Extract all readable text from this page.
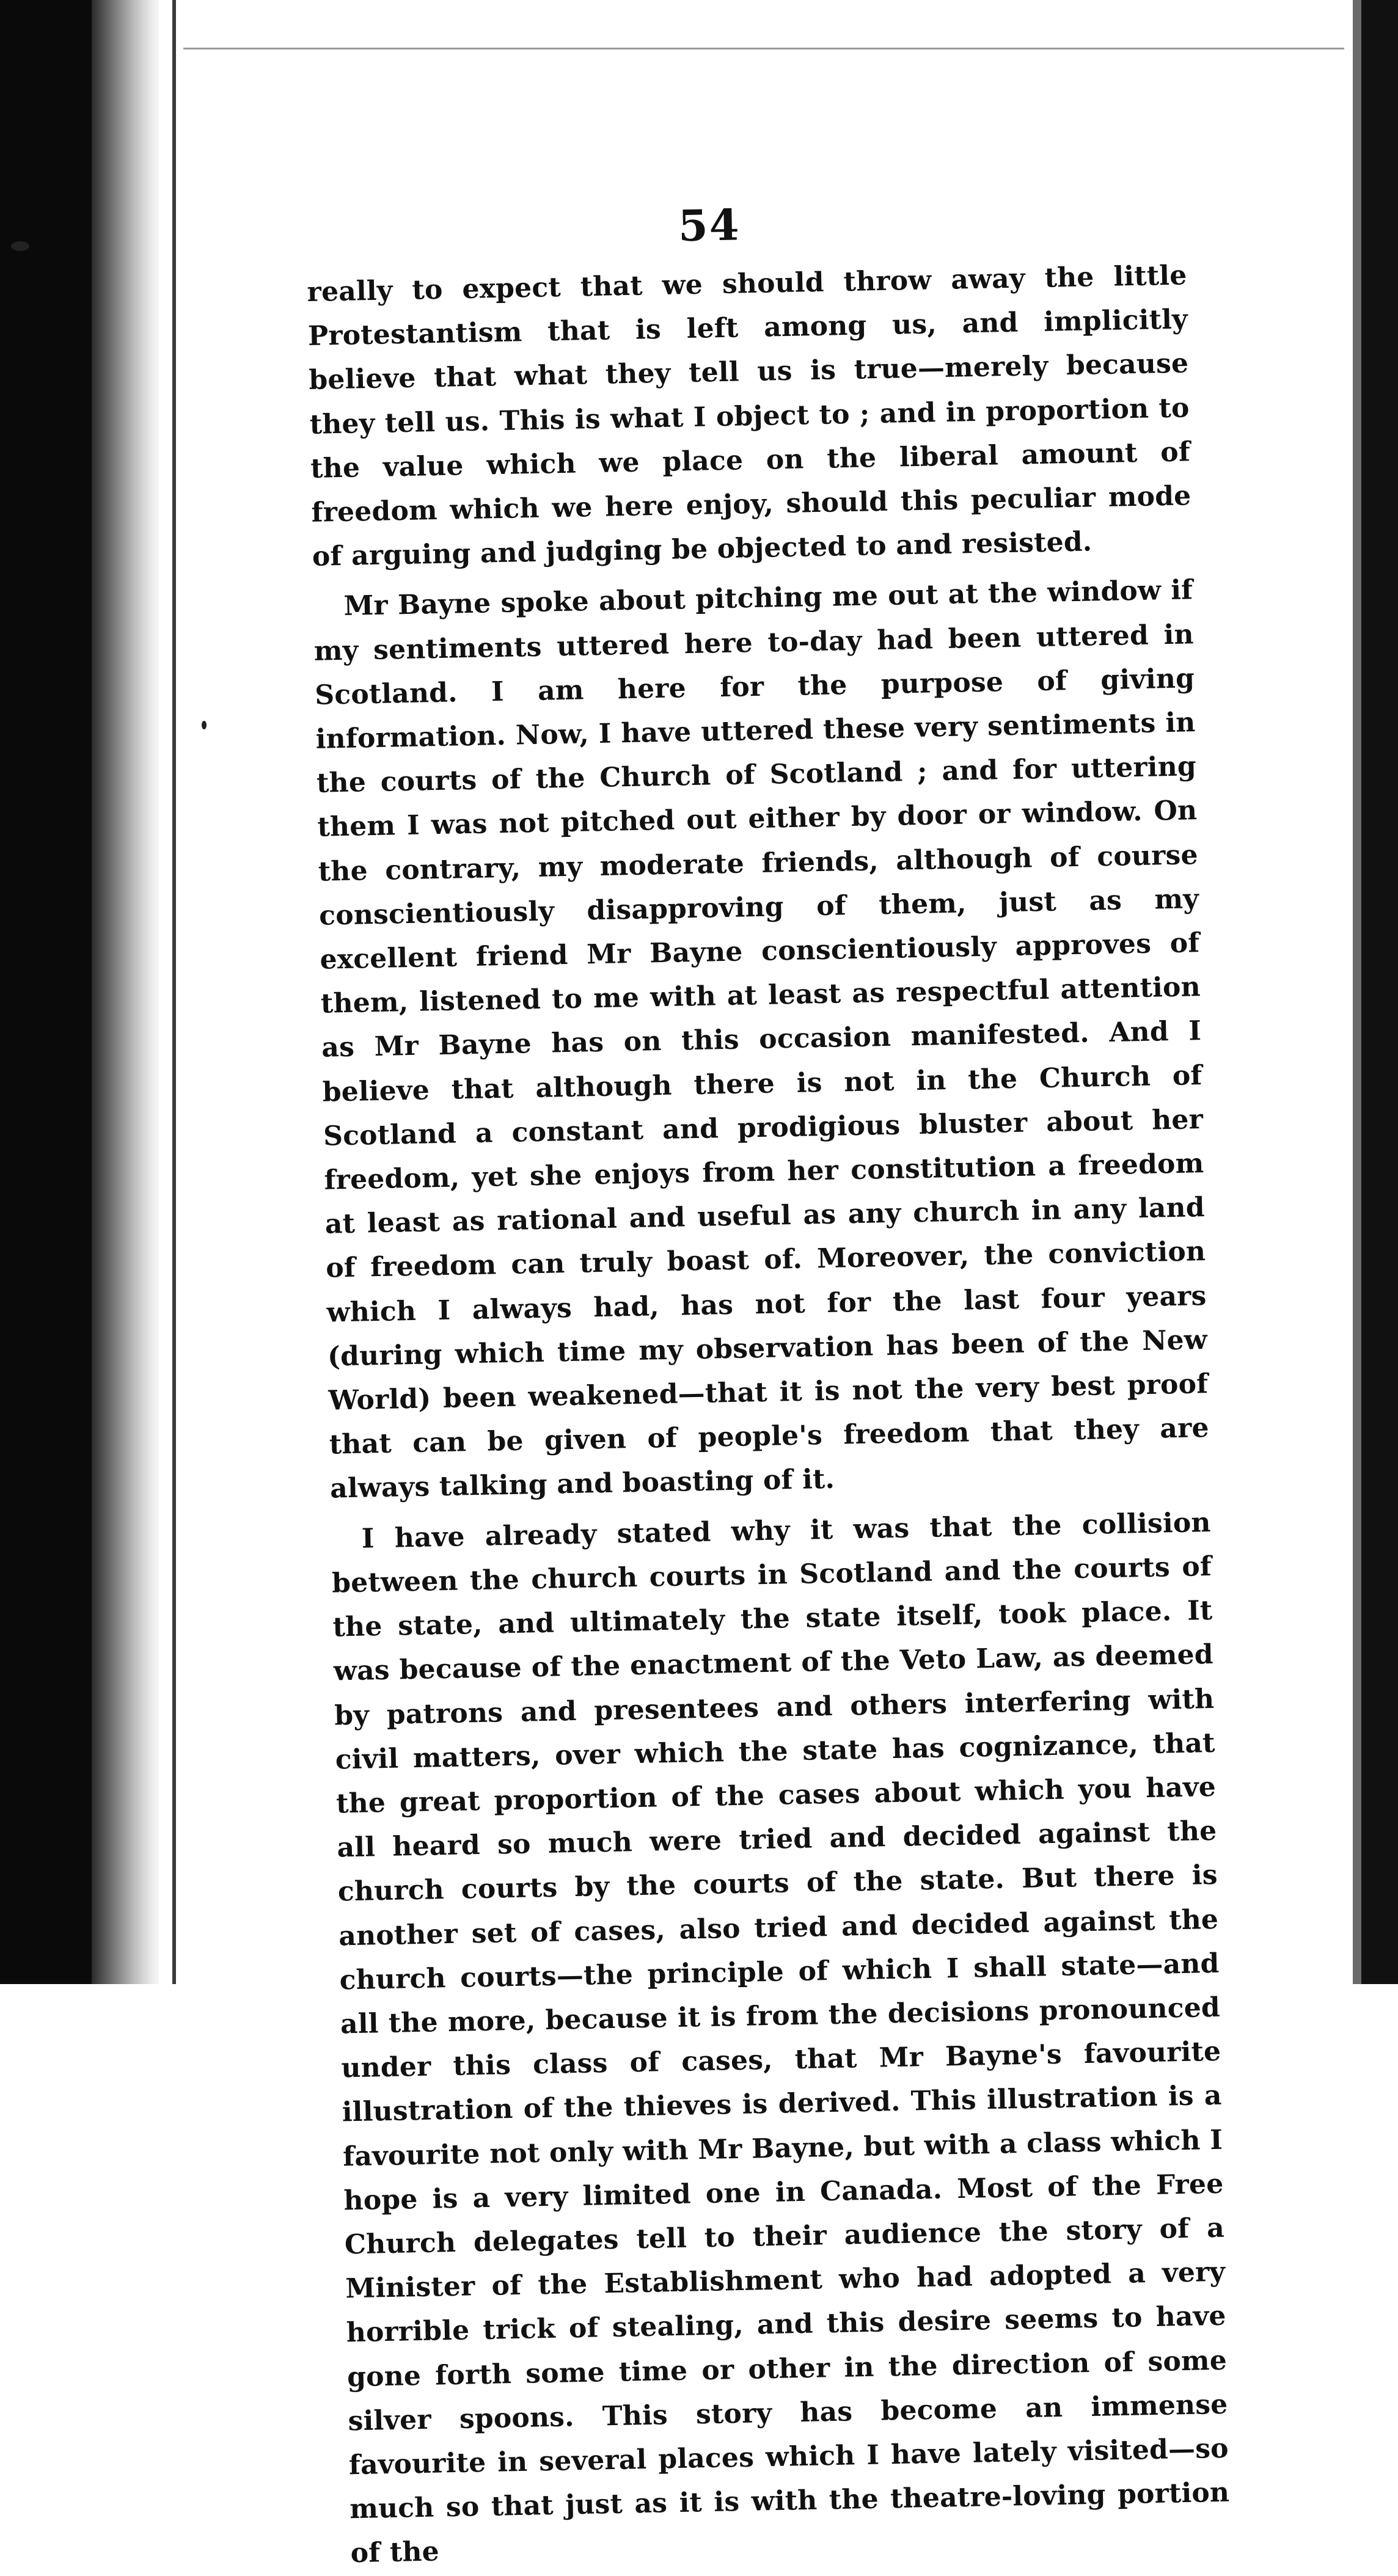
54

really to expect that we should throw away the little Protestantism that is left among us, and implicitly believe that what they tell us is true—merely because they tell us. This is what I object to ; and in proportion to the value which we place on the liberal amount of freedom which we here enjoy, should this peculiar mode of arguing and judging be objected to and resisted.

Mr Bayne spoke about pitching me out at the window if my sentiments uttered here to-day had been uttered in Scotland. I am here for the purpose of giving information. Now, I have uttered these very sentiments in the courts of the Church of Scotland ; and for uttering them I was not pitched out either by door or window. On the contrary, my moderate friends, although of course conscientiously disapproving of them, just as my excellent friend Mr Bayne conscientiously approves of them, listened to me with at least as respectful attention as Mr Bayne has on this occasion manifested. And I believe that although there is not in the Church of Scotland a constant and prodigious bluster about her freedom, yet she enjoys from her constitution a freedom at least as rational and useful as any church in any land of freedom can truly boast of. Moreover, the conviction which I always had, has not for the last four years (during which time my observation has been of the New World) been weakened—that it is not the very best proof that can be given of people's freedom that they are always talking and boasting of it.

I have already stated why it was that the collision between the church courts in Scotland and the courts of the state, and ultimately the state itself, took place. It was because of the enactment of the Veto Law, as deemed by patrons and presentees and others interfering with civil matters, over which the state has cognizance, that the great proportion of the cases about which you have all heard so much were tried and decided against the church courts by the courts of the state. But there is another set of cases, also tried and decided against the church courts—the principle of which I shall state—and all the more, because it is from the decisions pronounced under this class of cases, that Mr Bayne's favourite illustration of the thieves is derived. This illustration is a favourite not only with Mr Bayne, but with a class which I hope is a very limited one in Canada. Most of the Free Church delegates tell to their audience the story of a Minister of the Establishment who had adopted a very horrible trick of stealing, and this desire seems to have gone forth some time or other in the direction of some silver spoons. This story has become an immense favourite in several places which I have lately visited—so much so that just as it is with the theatre-loving portion of the
